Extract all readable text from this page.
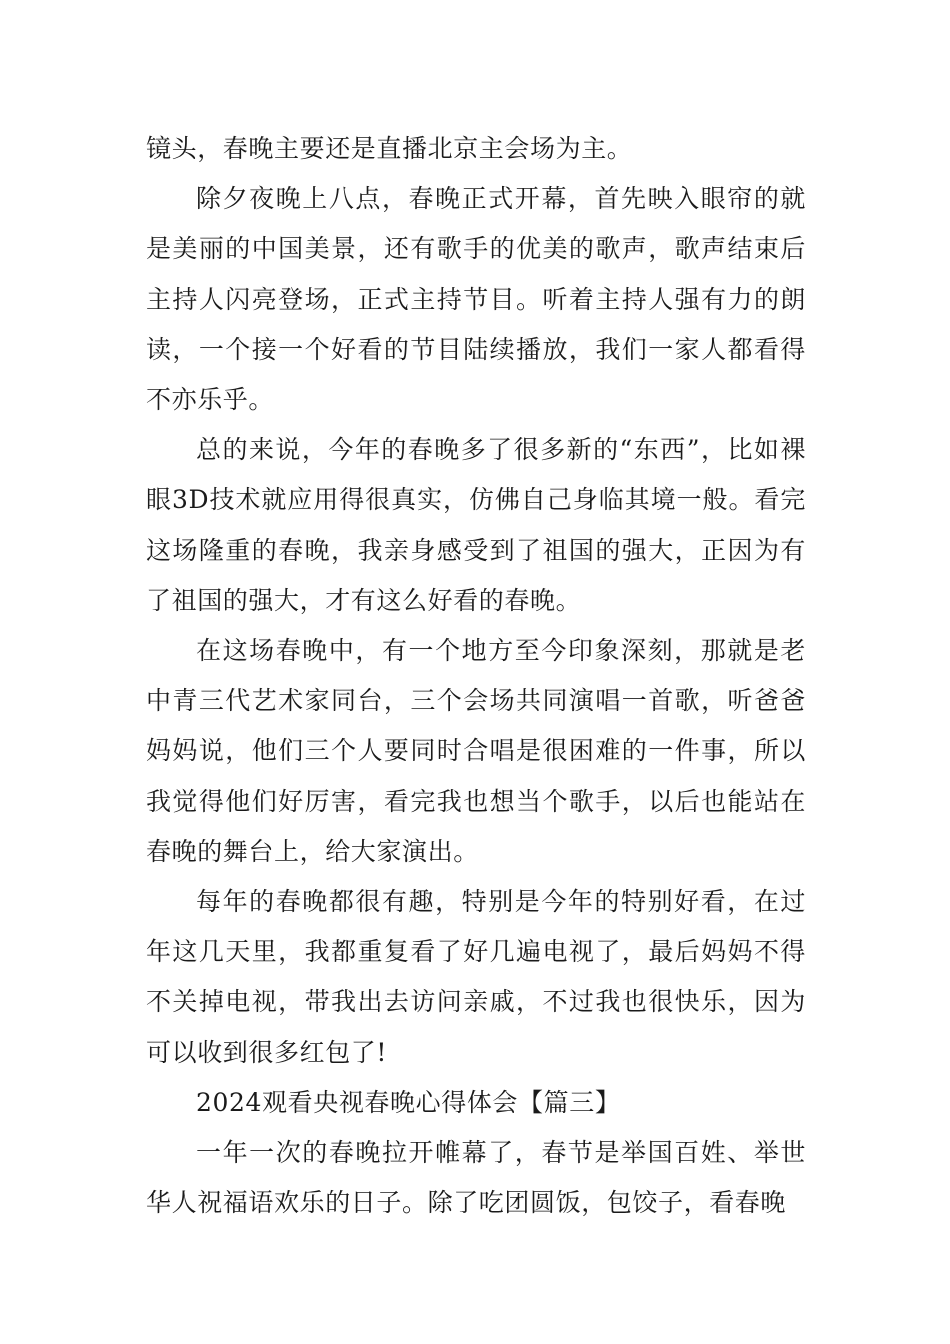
镜头，春晚主要还是直播北京主会场为主。

除夕夜晚上八点，春晚正式开幕，首先映入眼帘的就是美丽的中国美景，还有歌手的优美的歌声，歌声结束后主持人闪亮登场，正式主持节目。听着主持人强有力的朗读，一个接一个好看的节目陆续播放，我们一家人都看得不亦乐乎。

总的来说，今年的春晚多了很多新的“东西”，比如裸眼3D技术就应用得很真实，仿佛自己身临其境一般。看完这场隆重的春晚，我亲身感受到了祖国的强大，正因为有了祖国的强大，才有这么好看的春晚。

在这场春晚中，有一个地方至今印象深刻，那就是老中青三代艺术家同台，三个会场共同演唱一首歌，听爸爸妈妈说，他们三个人要同时合唱是很困难的一件事，所以我觉得他们好厉害，看完我也想当个歌手，以后也能站在春晚的舞台上，给大家演出。

每年的春晚都很有趣，特别是今年的特别好看，在过年这几天里，我都重复看了好几遍电视了，最后妈妈不得不关掉电视，带我出去访问亲戚，不过我也很快乐，因为可以收到很多红包了!

2024观看央视春晚心得体会【篇三】

一年一次的春晚拉开帷幕了，春节是举国百姓、举世华人祝福语欢乐的日子。除了吃团圆饭，包饺子，看春晚
